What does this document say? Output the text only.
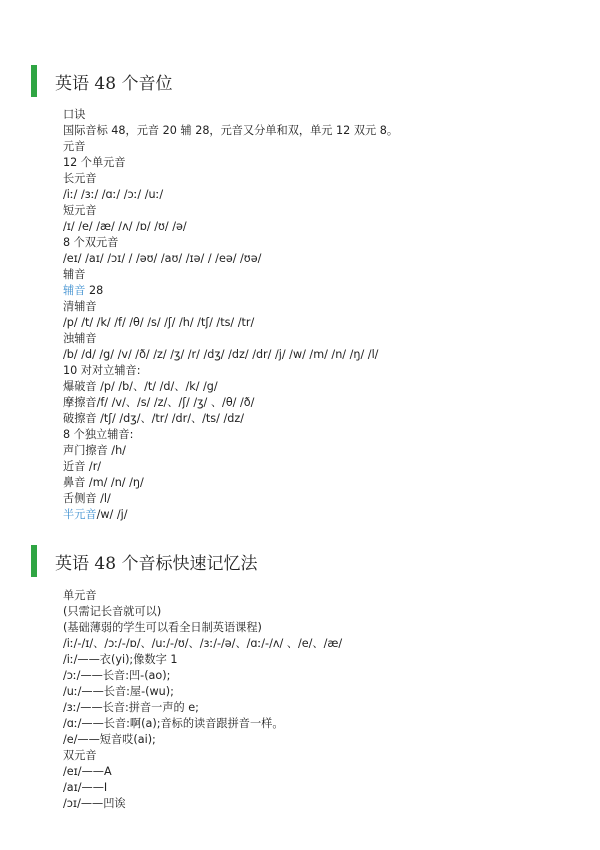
英语 48 个音位
口诀
国际音标 48，元音 20 辅 28，元音又分单和双，单元 12 双元 8。
元音
12 个单元音
长元音
/iː/ /ɜː/ /ɑː/ /ɔː/ /uː/
短元音
/ɪ/ /e/ /æ/ /ʌ/ /ɒ/ /ʊ/ /ə/
8 个双元音
/eɪ/ /aɪ/ /ɔɪ/ / /əʊ/ /aʊ/ /ɪə/ / /eə/ /ʊə/
辅音
辅音 28
清辅音
/p/ /t/ /k/ /f/ /θ/ /s/ /ʃ/ /h/ /tʃ/ /ts/ /tr/
浊辅音
/b/ /d/ /g/ /v/ /ð/ /z/ /ʒ/ /r/ /dʒ/ /dz/ /dr/ /j/ /w/ /m/ /n/ /ŋ/ /l/
10 对对立辅音:
爆破音 /p/ /b/、/t/ /d/、/k/ /g/
摩擦音/f/ /v/、/s/ /z/、/ʃ/ /ʒ/ 、/θ/ /ð/
破擦音 /tʃ/ /dʒ/、/tr/ /dr/、/ts/ /dz/
8 个独立辅音:
声门擦音 /h/
近音 /r/
鼻音 /m/ /n/ /ŋ/
舌侧音 /l/
半元音/w/ /j/
英语 48 个音标快速记忆法
单元音
(只需记长音就可以)
(基础薄弱的学生可以看全日制英语课程)
/iː/-/ɪ/、/ɔː/-/ɒ/、/uː/-/ʊ/、/ɜː/-/ə/、/ɑː/-/ʌ/ 、/e/、/æ/
/iː/——衣(yi);像数字 1
/ɔː/——长音:凹-(ao);
/uː/——长音:屋-(wu);
/ɜː/——长音:拼音一声的 e;
/ɑː/——长音:啊(a);音标的读音跟拼音一样。
/e/——短音哎(ai);
双元音
/eɪ/——A
/aɪ/——I
/ɔɪ/——凹诶
